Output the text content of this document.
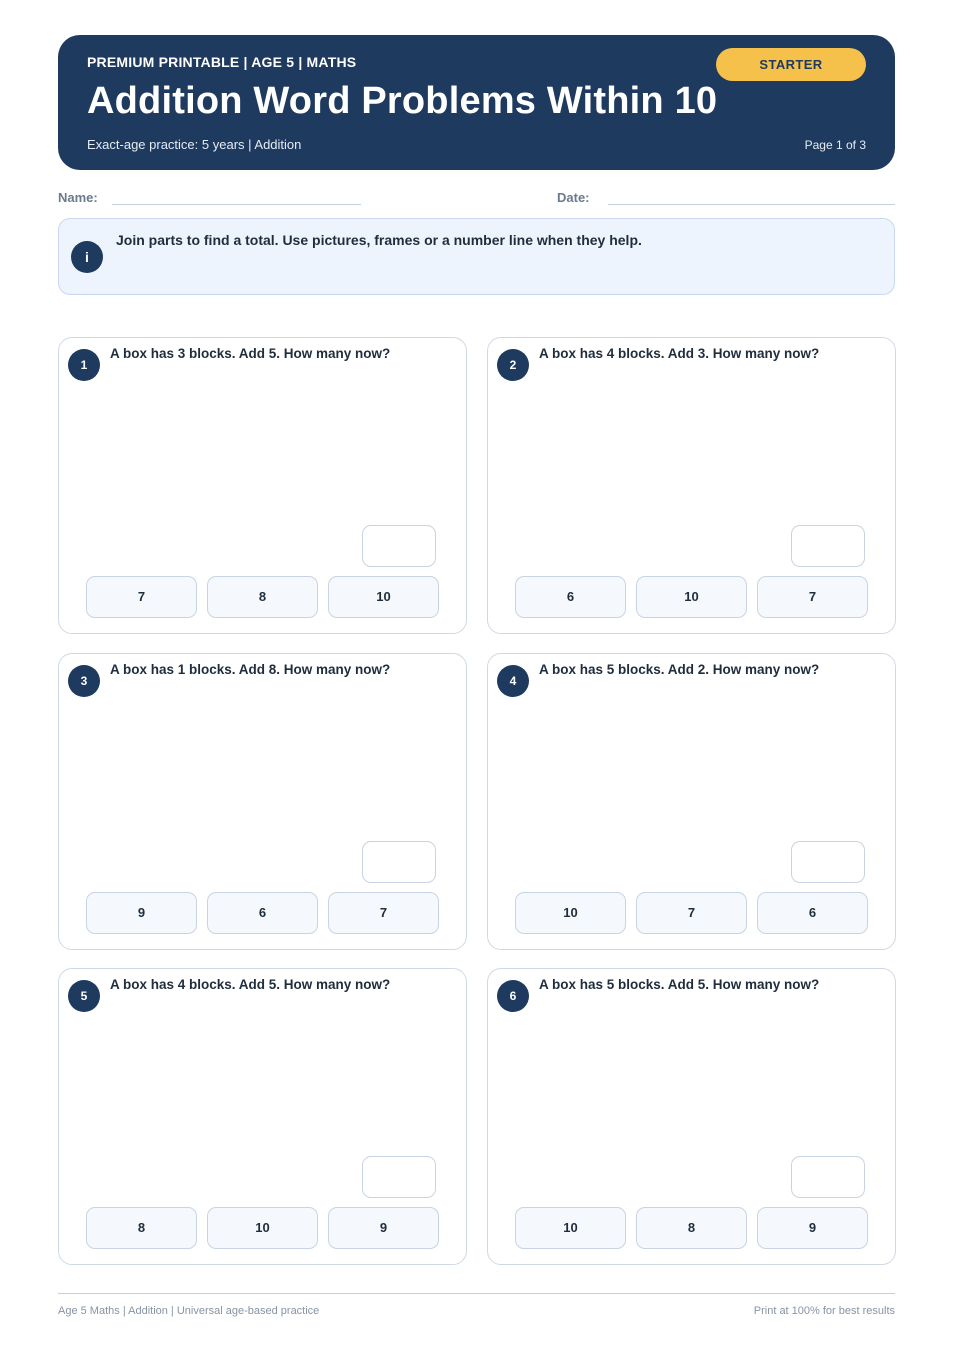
PREMIUM PRINTABLE | AGE 5 | MATHS
Addition Word Problems Within 10
Exact-age practice: 5 years | Addition	Page 1 of 3
STARTER
Name:	Date:
i
Join parts to find a total. Use pictures, frames or a number line when they help.
1
A box has 3 blocks. Add 5. How many now?
7	8	10
2
A box has 4 blocks. Add 3. How many now?
6	10	7
3
A box has 1 blocks. Add 8. How many now?
9	6	7
4
A box has 5 blocks. Add 2. How many now?
10	7	6
5
A box has 4 blocks. Add 5. How many now?
8	10	9
6
A box has 5 blocks. Add 5. How many now?
10	8	9
Age 5 Maths | Addition | Universal age-based practice	Print at 100% for best results
